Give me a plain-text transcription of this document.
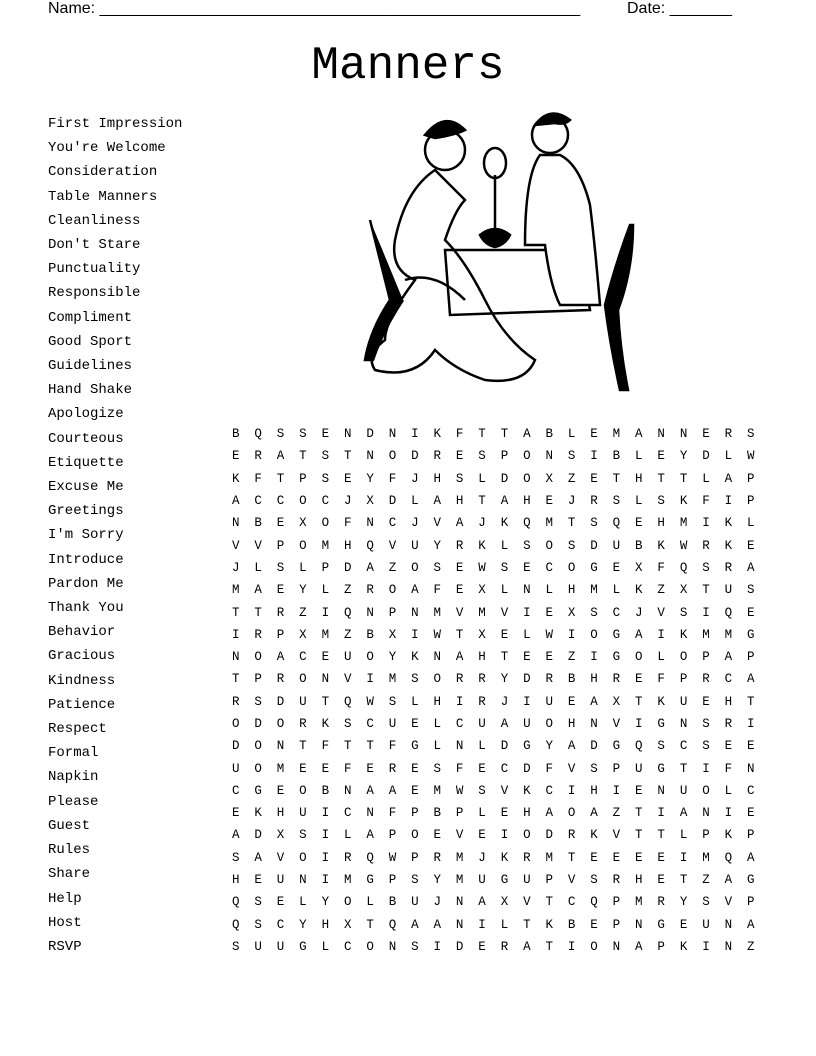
Name: ______________________________________________________	Date: _______
Manners
First Impression
You're Welcome
Consideration
Table Manners
Cleanliness
Don't Stare
Punctuality
Responsible
Compliment
Good Sport
Guidelines
Hand Shake
Apologize
Courteous
Etiquette
Excuse Me
Greetings
I'm Sorry
Introduce
Pardon Me
Thank You
Behavior
Gracious
Kindness
Patience
Respect
Formal
Napkin
Please
Guest
Rules
Share
Help
Host
RSVP
B	Q	S	S	E	N	D	N	I	K	F	T	T	A	B	L	E	M	A	N	N	E	R	S
E	R	A	T	S	T	N	O	D	R	E	S	P	O	N	S	I	B	L	E	Y	D	L	W
K	F	T	P	S	E	Y	F	J	H	S	L	D	O	X	Z	E	T	H	T	T	L	A	P
A	C	C	O	C	J	X	D	L	A	H	T	A	H	E	J	R	S	L	S	K	F	I	P
N	B	E	X	O	F	N	C	J	V	A	J	K	Q	M	T	S	Q	E	H	M	I	K	L
V	V	P	O	M	H	Q	V	U	Y	R	K	L	S	O	S	D	U	B	K	W	R	K	E
J	L	S	L	P	D	A	Z	O	S	E	W	S	E	C	O	G	E	X	F	Q	S	R	A
M	A	E	Y	L	Z	R	O	A	F	E	X	L	N	L	H	M	L	K	Z	X	T	U	S
T	T	R	Z	I	Q	N	P	N	M	V	M	V	I	E	X	S	C	J	V	S	I	Q	E
I	R	P	X	M	Z	B	X	I	W	T	X	E	L	W	I	O	G	A	I	K	M	M	G
N	O	A	C	E	U	O	Y	K	N	A	H	T	E	E	Z	I	G	O	L	O	P	A	P
T	P	R	O	N	V	I	M	S	O	R	R	Y	D	R	B	H	R	E	F	P	R	C	A
R	S	D	U	T	Q	W	S	L	H	I	R	J	I	U	E	A	X	T	K	U	E	H	T
O	D	O	R	K	S	C	U	E	L	C	U	A	U	O	H	N	V	I	G	N	S	R	I
D	O	N	T	F	T	T	F	G	L	N	L	D	G	Y	A	D	G	Q	S	C	S	E	E
U	O	M	E	E	F	E	R	E	S	F	E	C	D	F	V	S	P	U	G	T	I	F	N
C	G	E	O	B	N	A	A	E	M	W	S	V	K	C	I	H	I	E	N	U	O	L	C
E	K	H	U	I	C	N	F	P	B	P	L	E	H	A	O	A	Z	T	I	A	N	I	E
A	D	X	S	I	L	A	P	O	E	V	E	I	O	D	R	K	V	T	T	L	P	K	P
S	A	V	O	I	R	Q	W	P	R	M	J	K	R	M	T	E	E	E	E	I	M	Q	A
H	E	U	N	I	M	G	P	S	Y	M	U	G	U	P	V	S	R	H	E	T	Z	A	G
Q	S	E	L	Y	O	L	B	U	J	N	A	X	V	T	C	Q	P	M	R	Y	S	V	P
Q	S	C	Y	H	X	T	Q	A	A	N	I	L	T	K	B	E	P	N	G	E	U	N	A
S	U	U	G	L	C	O	N	S	I	D	E	R	A	T	I	O	N	A	P	K	I	N	Z
